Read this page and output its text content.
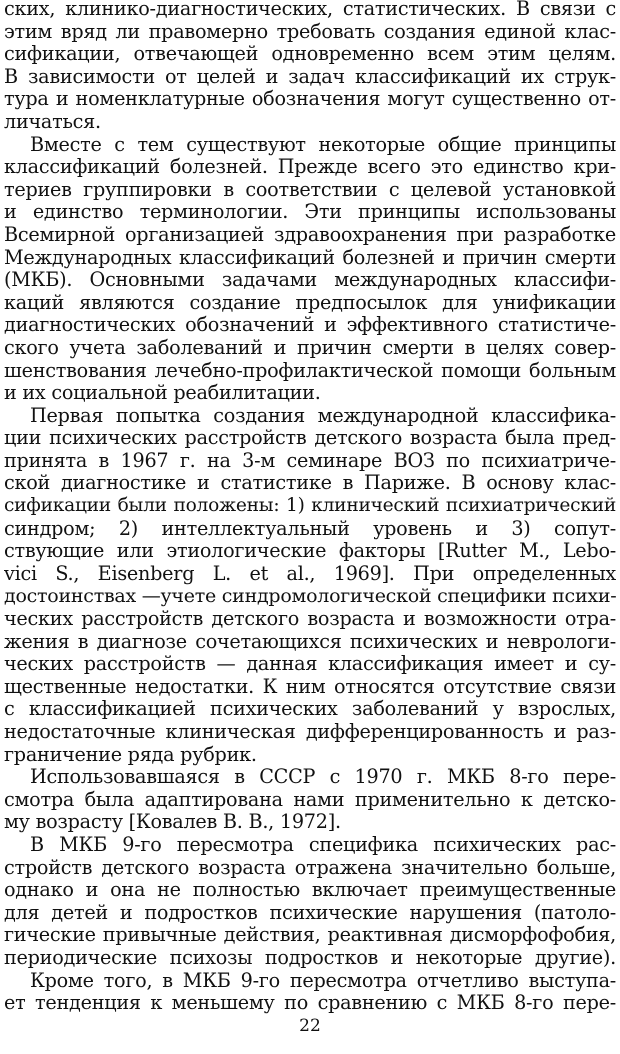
ских, клинико-диагностических, статистических. В связи с
этим вряд ли правомерно требовать создания единой клас-
сификации, отвечающей одновременно всем этим целям.
В зависимости от целей и задач классификаций их струк-
тура и номенклатурные обозначения могут существенно от-
личаться.
Вместе с тем существуют некоторые общие принципы
классификаций болезней. Прежде всего это единство кри-
териев группировки в соответствии с целевой установкой
и единство терминологии. Эти принципы использованы
Всемирной организацией здравоохранения при разработке
Международных классификаций болезней и причин смерти
(МКБ). Основными задачами международных классифи-
каций являются создание предпосылок для унификации
диагностических обозначений и эффективного статистиче-
ского учета заболеваний и причин смерти в целях совер-
шенствования лечебно-профилактической помощи больным
и их социальной реабилитации.
Первая попытка создания международной классифика-
ции психических расстройств детского возраста была пред-
принята в 1967 г. на 3-м семинаре ВОЗ по психиатриче-
ской диагностике и статистике в Париже. В основу клас-
сификации были положены: 1) клинический психиатрический
синдром; 2) интеллектуальный уровень и 3) сопут-
ствующие или этиологические факторы [Rutter M., Lebo-
vici S., Eisenberg L. et al., 1969]. При определенных
достоинствах —учете синдромологической специфики психи-
ческих расстройств детского возраста и возможности отра-
жения в диагнозе сочетающихся психических и неврологи-
ческих расстройств — данная классификация имеет и су-
щественные недостатки. К ним относятся отсутствие связи
с классификацией психических заболеваний у взрослых,
недостаточные клиническая дифференцированность и раз-
граничение ряда рубрик.
Использовавшаяся в СССР с 1970 г. МКБ 8-го пере-
смотра была адаптирована нами применительно к детско-
му возрасту [Ковалев В. В., 1972].
В МКБ 9-го пересмотра специфика психических рас-
стройств детского возраста отражена значительно больше,
однако и она не полностью включает преимущественные
для детей и подростков психические нарушения (патоло-
гические привычные действия, реактивная дисморфофобия,
периодические психозы подростков и некоторые другие).
Кроме того, в МКБ 9-го пересмотра отчетливо выступа-
ет тенденция к меньшему по сравнению с МКБ 8-го пере-
22
